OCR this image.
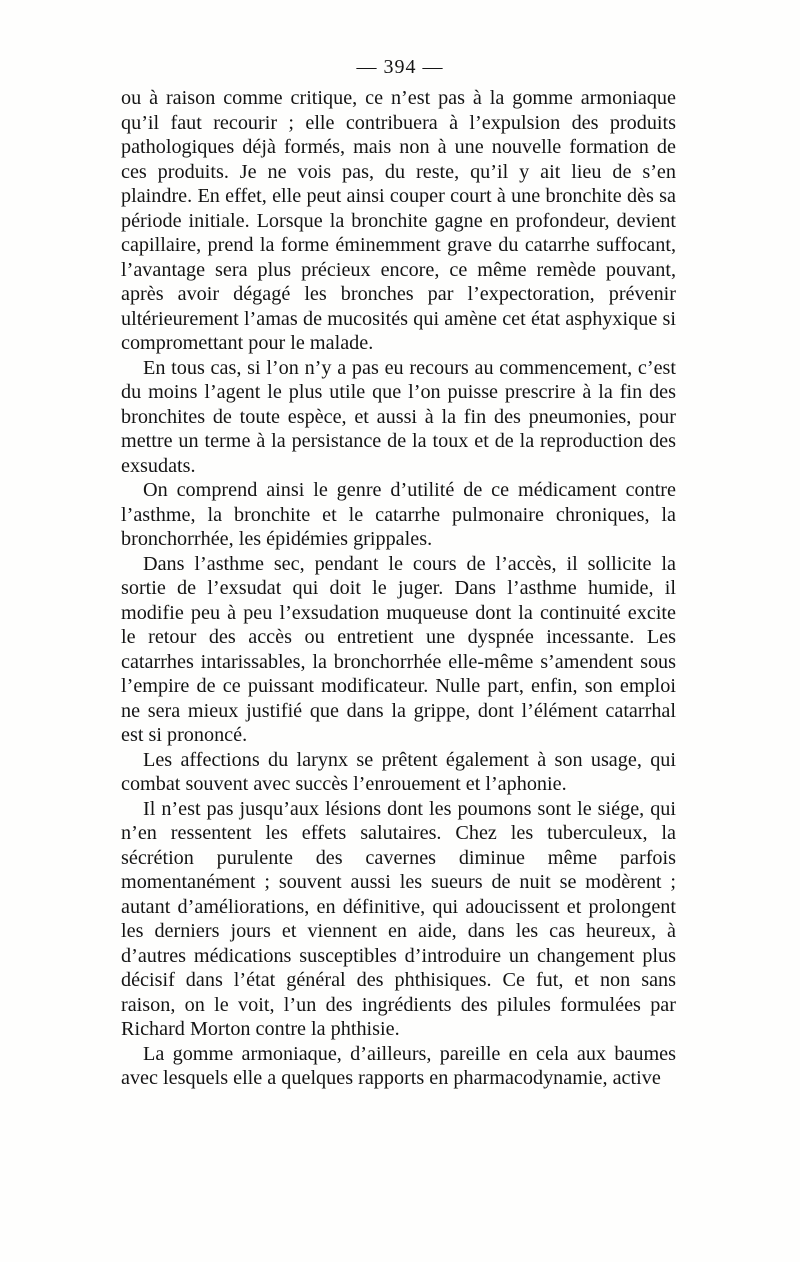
— 394 —

ou à raison comme critique, ce n’est pas à la gomme armoniaque qu’il faut recourir ; elle contribuera à l’expulsion des produits pathologiques déjà formés, mais non à une nouvelle formation de ces produits. Je ne vois pas, du reste, qu’il y ait lieu de s’en plaindre. En effet, elle peut ainsi couper court à une bronchite dès sa période initiale. Lorsque la bronchite gagne en profondeur, devient capillaire, prend la forme éminemment grave du catarrhe suffocant, l’avantage sera plus précieux encore, ce même remède pouvant, après avoir dégagé les bronches par l’expectoration, prévenir ultérieurement l’amas de mucosités qui amène cet état asphyxique si compromettant pour le malade.

En tous cas, si l’on n’y a pas eu recours au commencement, c’est du moins l’agent le plus utile que l’on puisse prescrire à la fin des bronchites de toute espèce, et aussi à la fin des pneumonies, pour mettre un terme à la persistance de la toux et de la reproduction des exsudats.

On comprend ainsi le genre d’utilité de ce médicament contre l’asthme, la bronchite et le catarrhe pulmonaire chroniques, la bronchorrhée, les épidémies grippales.

Dans l’asthme sec, pendant le cours de l’accès, il sollicite la sortie de l’exsudat qui doit le juger. Dans l’asthme humide, il modifie peu à peu l’exsudation muqueuse dont la continuité excite le retour des accès ou entretient une dyspnée incessante. Les catarrhes intarissables, la bronchorrhée elle-même s’amendent sous l’empire de ce puissant modificateur. Nulle part, enfin, son emploi ne sera mieux justifié que dans la grippe, dont l’élément catarrhal est si prononcé.

Les affections du larynx se prêtent également à son usage, qui combat souvent avec succès l’enrouement et l’aphonie.

Il n’est pas jusqu’aux lésions dont les poumons sont le siége, qui n’en ressentent les effets salutaires. Chez les tuberculeux, la sécrétion purulente des cavernes diminue même parfois momentanément ; souvent aussi les sueurs de nuit se modèrent ; autant d’améliorations, en définitive, qui adoucissent et prolongent les derniers jours et viennent en aide, dans les cas heureux, à d’autres médications susceptibles d’introduire un changement plus décisif dans l’état général des phthisiques. Ce fut, et non sans raison, on le voit, l’un des ingrédients des pilules formulées par Richard Morton contre la phthisie.

La gomme armoniaque, d’ailleurs, pareille en cela aux baumes avec lesquels elle a quelques rapports en pharmacodynamie, active
